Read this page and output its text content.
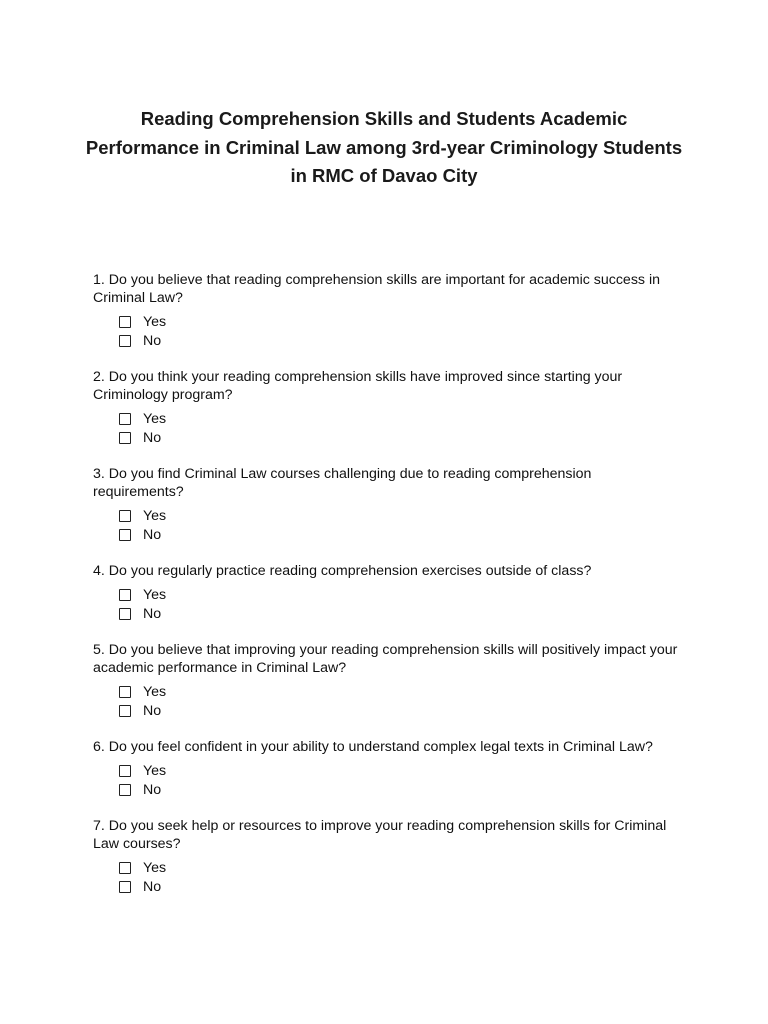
Reading Comprehension Skills and Students Academic Performance in Criminal Law among 3rd-year Criminology Students in RMC of Davao City

1. Do you believe that reading comprehension skills are important for academic success in Criminal Law?

Yes
No

2. Do you think your reading comprehension skills have improved since starting your Criminology program?

Yes
No

3. Do you find Criminal Law courses challenging due to reading comprehension requirements?

Yes
No

4. Do you regularly practice reading comprehension exercises outside of class?

Yes
No

5. Do you believe that improving your reading comprehension skills will positively impact your academic performance in Criminal Law?

Yes
No

6. Do you feel confident in your ability to understand complex legal texts in Criminal Law?

Yes
No

7. Do you seek help or resources to improve your reading comprehension skills for Criminal Law courses?

Yes
No
